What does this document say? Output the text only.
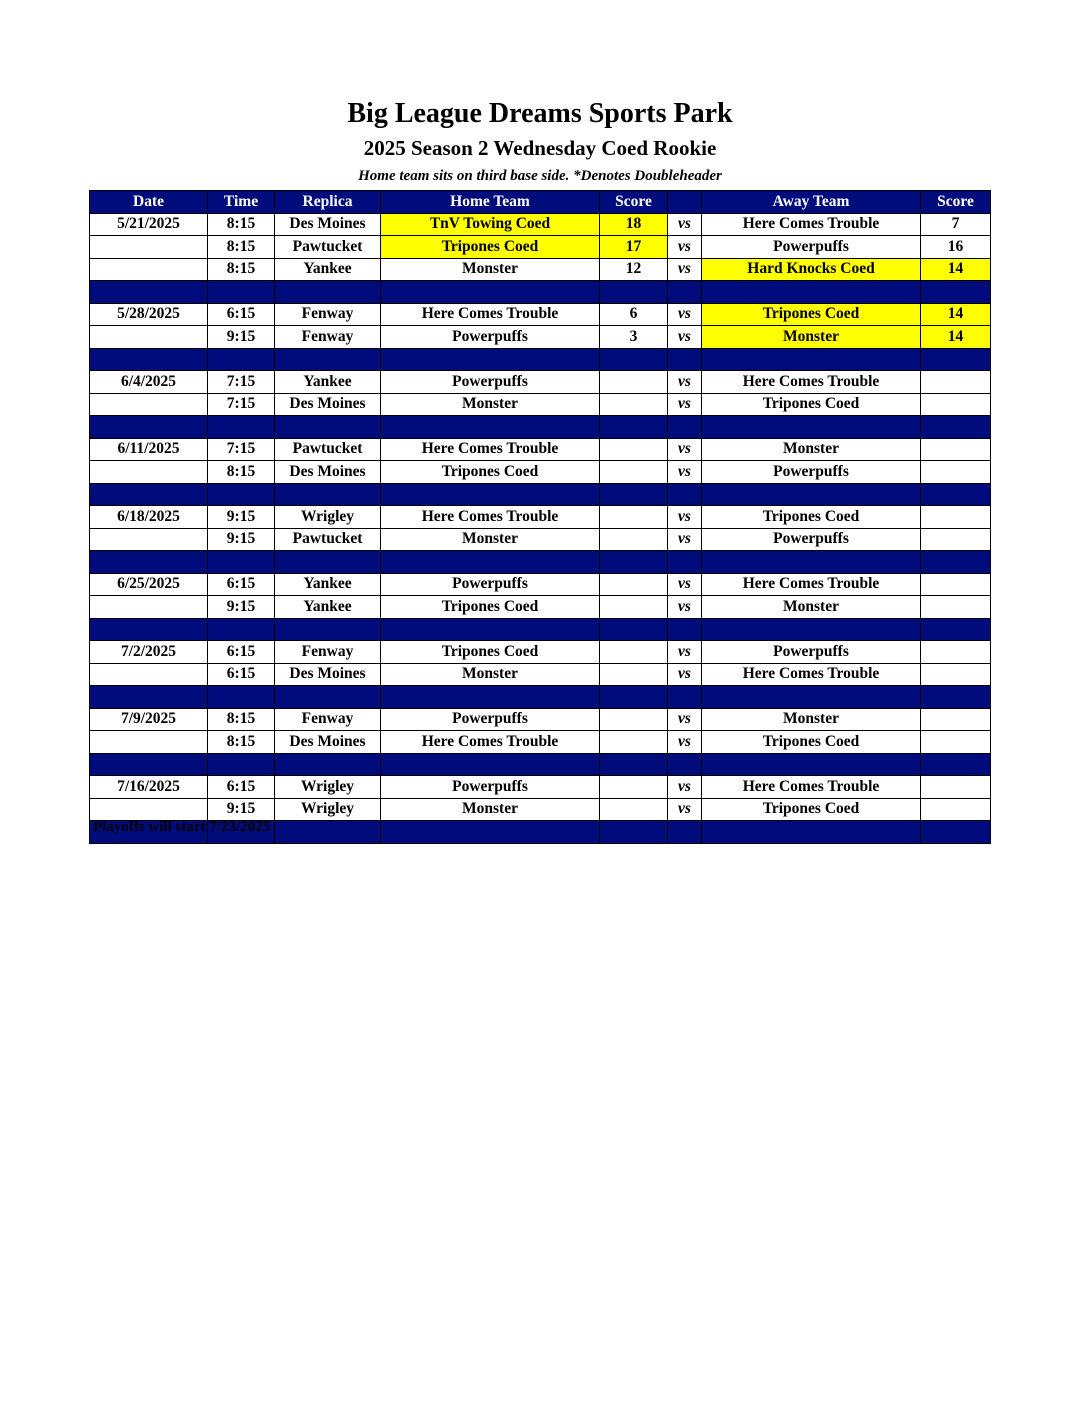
Big League Dreams Sports Park
2025 Season 2 Wednesday Coed Rookie
Home team sits on third base side. *Denotes Doubleheader
Date	Time	Replica	Home Team	Score		Away Team	Score
5/21/2025	8:15	Des Moines	TnV Towing Coed	18	vs	Here Comes Trouble	7
	8:15	Pawtucket	Tripones Coed	17	vs	Powerpuffs	16
	8:15	Yankee	Monster	12	vs	Hard Knocks Coed	14

5/28/2025	6:15	Fenway	Here Comes Trouble	6	vs	Tripones Coed	14
	9:15	Fenway	Powerpuffs	3	vs	Monster	14

6/4/2025	7:15	Yankee	Powerpuffs		vs	Here Comes Trouble	
	7:15	Des Moines	Monster		vs	Tripones Coed	

6/11/2025	7:15	Pawtucket	Here Comes Trouble		vs	Monster	
	8:15	Des Moines	Tripones Coed		vs	Powerpuffs	

6/18/2025	9:15	Wrigley	Here Comes Trouble		vs	Tripones Coed	
	9:15	Pawtucket	Monster		vs	Powerpuffs	

6/25/2025	6:15	Yankee	Powerpuffs		vs	Here Comes Trouble	
	9:15	Yankee	Tripones Coed		vs	Monster	

7/2/2025	6:15	Fenway	Tripones Coed		vs	Powerpuffs	
	6:15	Des Moines	Monster		vs	Here Comes Trouble	

7/9/2025	8:15	Fenway	Powerpuffs		vs	Monster	
	8:15	Des Moines	Here Comes Trouble		vs	Tripones Coed	

7/16/2025	6:15	Wrigley	Powerpuffs		vs	Here Comes Trouble	
	9:15	Wrigley	Monster		vs	Tripones Coed	

Playoffs will start 7/23/2025
